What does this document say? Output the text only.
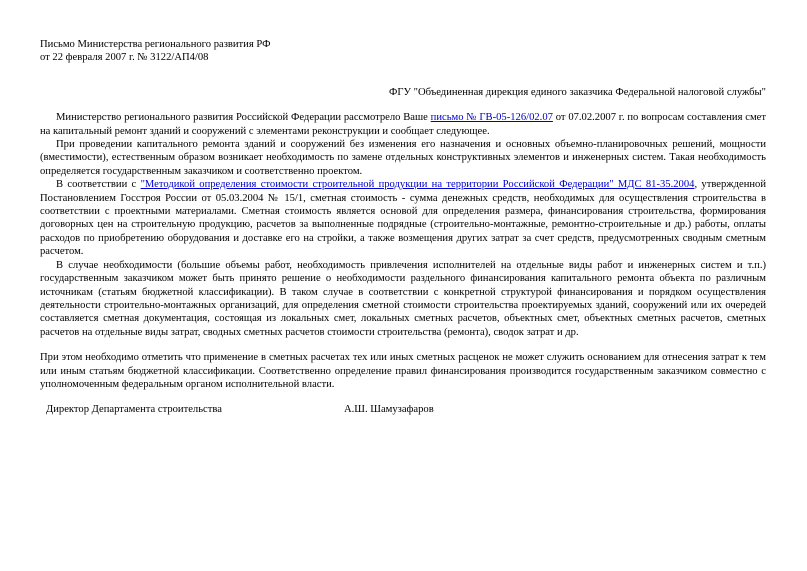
Письмо Министерства регионального развития РФ
от 22 февраля 2007 г. № 3122/АП4/08
ФГУ "Объединенная дирекция единого заказчика Федеральной налоговой службы"

Министерство регионального развития Российской Федерации рассмотрело Ваше письмо № ГВ-05-126/02.07 от 07.02.2007 г. по вопросам составления смет на капитальный ремонт зданий и сооружений с элементами реконструкции и сообщает следующее.

При проведении капитального ремонта зданий и сооружений без изменения его назначения и основных объемно-планировочных решений, мощности (вместимости), естественным образом возникает необходимость по замене отдельных конструктивных элементов и инженерных систем. Такая необходимость определяется государственным заказчиком и соответственно проектом.

В соответствии с "Методикой определения стоимости строительной продукции на территории Российской Федерации" МДС 81-35.2004, утвержденной Постановлением Госстроя России от 05.03.2004 № 15/1, сметная стоимость - сумма денежных средств, необходимых для осуществления строительства в соответствии с проектными материалами. Сметная стоимость является основой для определения размера, финансирования строительства, формирования договорных цен на строительную продукцию, расчетов за выполненные подрядные (строительно-монтажные, ремонтно-строительные и др.) работы, оплаты расходов по приобретению оборудования и доставке его на стройки, а также возмещения других затрат за счет средств, предусмотренных сводным сметным расчетом.

В случае необходимости (большие объемы работ, необходимость привлечения исполнителей на отдельные виды работ и инженерных систем и т.п.) государственным заказчиком может быть принято решение о необходимости раздельного финансирования капитального ремонта объекта по различным источникам (статьям бюджетной классификации). В таком случае в соответствии с конкретной структурой финансирования и порядком осуществления деятельности строительно-монтажных организаций, для определения сметной стоимости строительства проектируемых зданий, сооружений или их очередей составляется сметная документация, состоящая из локальных смет, локальных сметных расчетов, объектных смет, объектных сметных расчетов, сметных расчетов на отдельные виды затрат, сводных сметных расчетов стоимости строительства (ремонта), сводок затрат и др.

При этом необходимо отметить что применение в сметных расчетах тех или иных сметных расценок не может служить основанием для отнесения затрат к тем или иным статьям бюджетной классификации. Соответственно определение правил финансирования производится государственным заказчиком совместно с уполномоченным федеральным органом исполнительной власти.

Директор Департамента строительства	А.Ш. Шамузафаров
